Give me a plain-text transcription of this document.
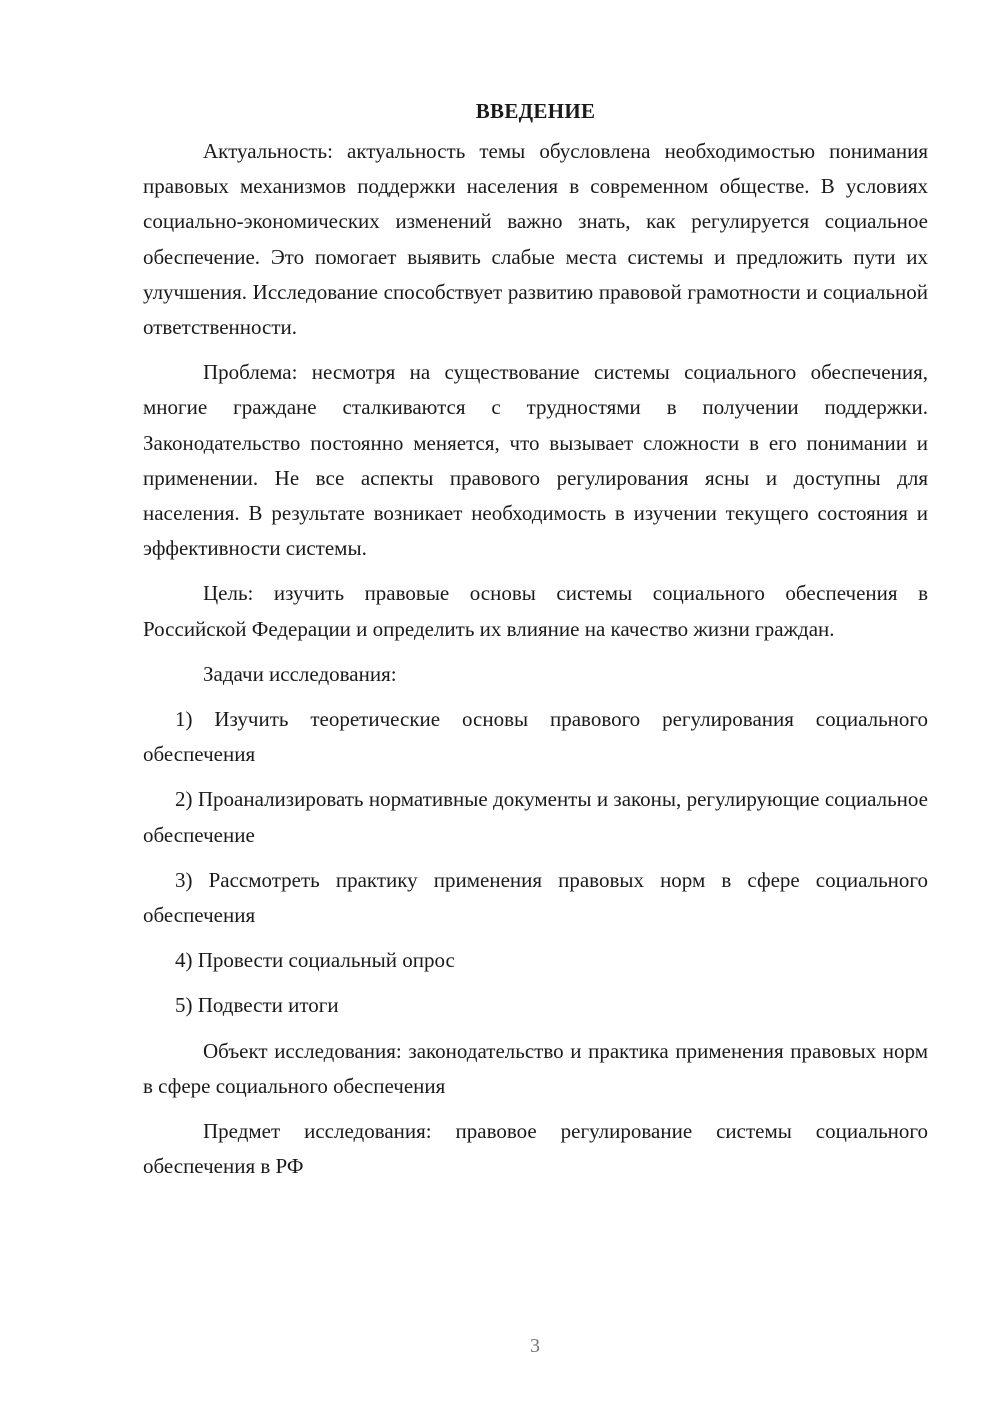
ВВЕДЕНИЕ

Актуальность: актуальность темы обусловлена необходимостью понимания правовых механизмов поддержки населения в современном обществе. В условиях социально-экономических изменений важно знать, как регулируется социальное обеспечение. Это помогает выявить слабые места системы и предложить пути их улучшения. Исследование способствует развитию правовой грамотности и социальной ответственности.

Проблема: несмотря на существование системы социального обеспечения, многие граждане сталкиваются с трудностями в получении поддержки. Законодательство постоянно меняется, что вызывает сложности в его понимании и применении. Не все аспекты правового регулирования ясны и доступны для населения. В результате возникает необходимость в изучении текущего состояния и эффективности системы.

Цель: изучить правовые основы системы социального обеспечения в Российской Федерации и определить их влияние на качество жизни граждан.

Задачи исследования:

1) Изучить теоретические основы правового регулирования социального обеспечения

2) Проанализировать нормативные документы и законы, регулирующие социальное обеспечение

3) Рассмотреть практику применения правовых норм в сфере социального обеспечения

4) Провести социальный опрос

5) Подвести итоги

Объект исследования: законодательство и практика применения правовых норм в сфере социального обеспечения

Предмет исследования: правовое регулирование системы социального обеспечения в РФ

3
